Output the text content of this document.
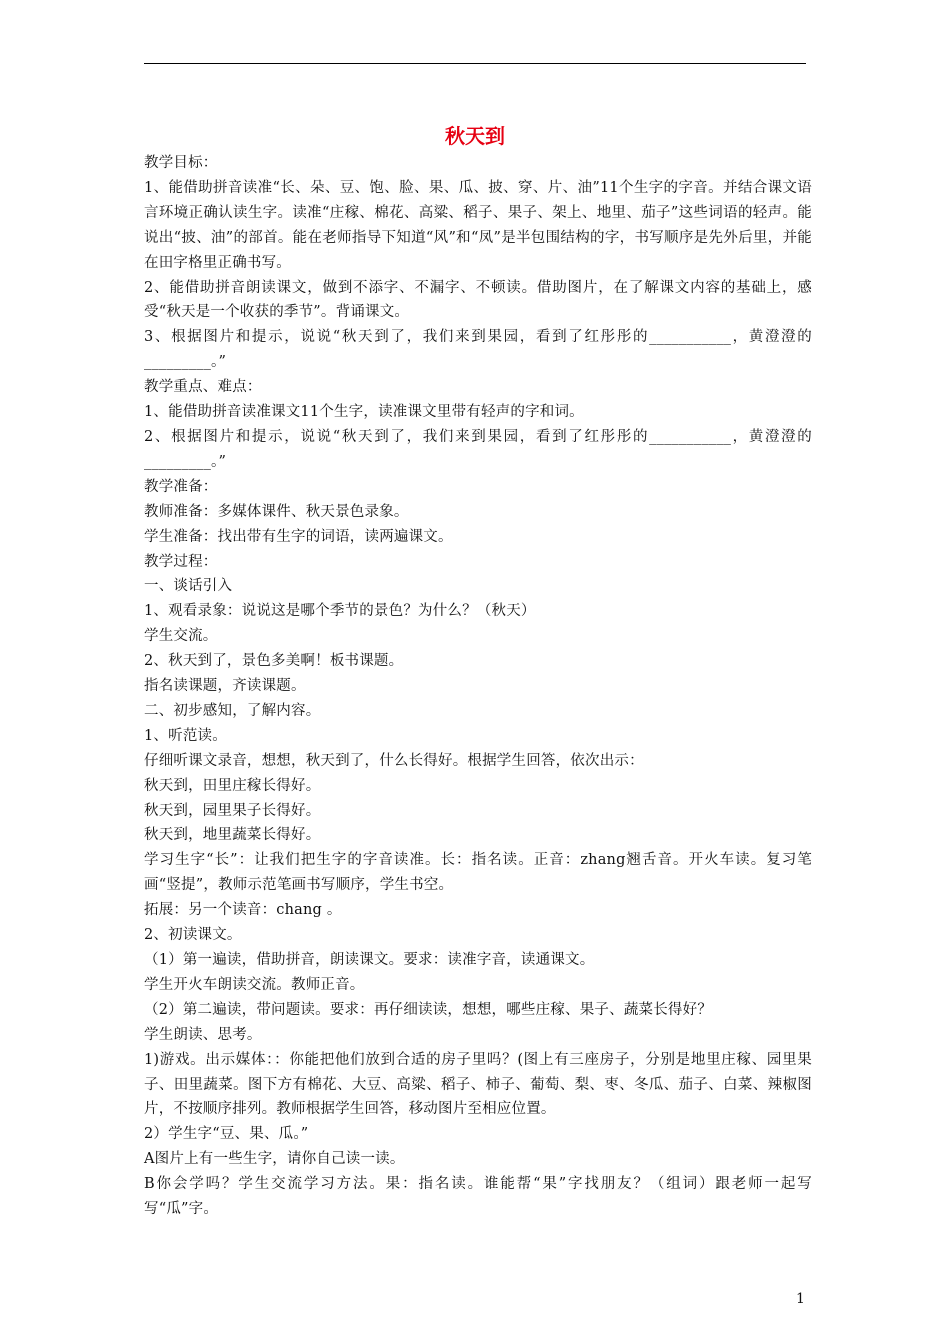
秋天到

教学目标：

1、能借助拼音读准“长、朵、豆、饱、脸、果、瓜、披、穿、片、油”11个生字的字音。并结合课文语言环境正确认读生字。读准“庄稼、棉花、高粱、稻子、果子、架上、地里、茄子”这些词语的轻声。能说出“披、油”的部首。能在老师指导下知道“风”和“凤”是半包围结构的字，书写顺序是先外后里，并能在田字格里正确书写。

2、能借助拼音朗读课文，做到不添字、不漏字、不顿读。借助图片，在了解课文内容的基础上，感受“秋天是一个收获的季节”。背诵课文。

3、根据图片和提示，说说“秋天到了，我们来到果园，看到了红彤彤的___________，黄澄澄的_________。”

教学重点、难点：

1、能借助拼音读准课文11个生字，读准课文里带有轻声的字和词。

2、根据图片和提示，说说“秋天到了，我们来到果园，看到了红彤彤的___________，黄澄澄的_________。”

教学准备：

教师准备：多媒体课件、秋天景色录象。

学生准备：找出带有生字的词语，读两遍课文。

教学过程：

一、谈话引入

1、观看录象：说说这是哪个季节的景色？为什么？（秋天）

学生交流。

2、秋天到了，景色多美啊！板书课题。

指名读课题，齐读课题。

二、初步感知，了解内容。

1、听范读。

仔细听课文录音，想想，秋天到了，什么长得好。根据学生回答，依次出示：

秋天到，田里庄稼长得好。

秋天到，园里果子长得好。

秋天到，地里蔬菜长得好。

学习生字“长”：让我们把生字的字音读准。长：指名读。正音：zhang翘舌音。开火车读。复习笔画“竖提”，教师示范笔画书写顺序，学生书空。

拓展：另一个读音：chang 。

2、初读课文。

（1）第一遍读，借助拼音，朗读课文。要求：读准字音，读通课文。

学生开火车朗读交流。教师正音。

（2）第二遍读，带问题读。要求：再仔细读读，想想，哪些庄稼、果子、蔬菜长得好？

学生朗读、思考。

1)游戏。出示媒体：：你能把他们放到合适的房子里吗？(图上有三座房子，分别是地里庄稼、园里果子、田里蔬菜。图下方有棉花、大豆、高粱、稻子、柿子、葡萄、梨、枣、冬瓜、茄子、白菜、辣椒图片，不按顺序排列。教师根据学生回答，移动图片至相应位置。

2）学生字“豆、果、瓜。”

A图片上有一些生字，请你自己读一读。

B你会学吗？学生交流学习方法。果：指名读。谁能帮“果”字找朋友？（组词）跟老师一起写写“瓜”字。

1
